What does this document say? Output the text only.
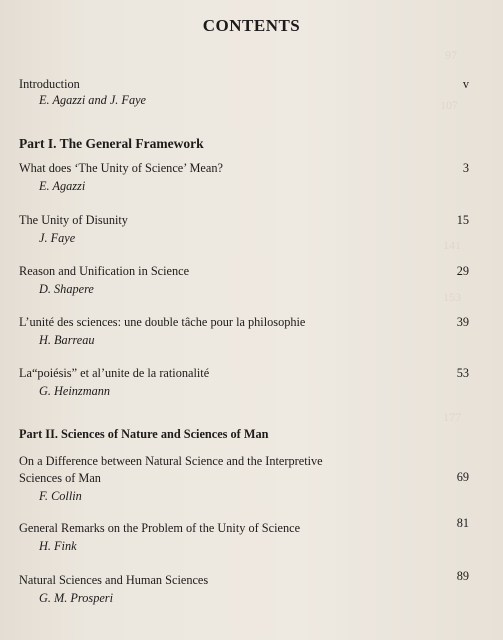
97
107
141
153
177
CONTENTS
Introduction
E. Agazzi and J. Faye
v
Part I. The General Framework
What does ‘The Unity of Science’ Mean?
E. Agazzi
3
The Unity of Disunity
J. Faye
15
Reason and Unification in Science
D. Shapere
29
L’unité des sciences: une double tâche pour la philosophie
H. Barreau
39
La“poiésis” et al’unite de la rationalité
G. Heinzmann
53
Part II. Sciences of Nature and Sciences of Man
On a Difference between Natural Science and the Interpretive Sciences of Man
F. Collin
69
General Remarks on the Problem of the Unity of Science
H. Fink
81
Natural Sciences and Human Sciences
G. M. Prosperi
89
